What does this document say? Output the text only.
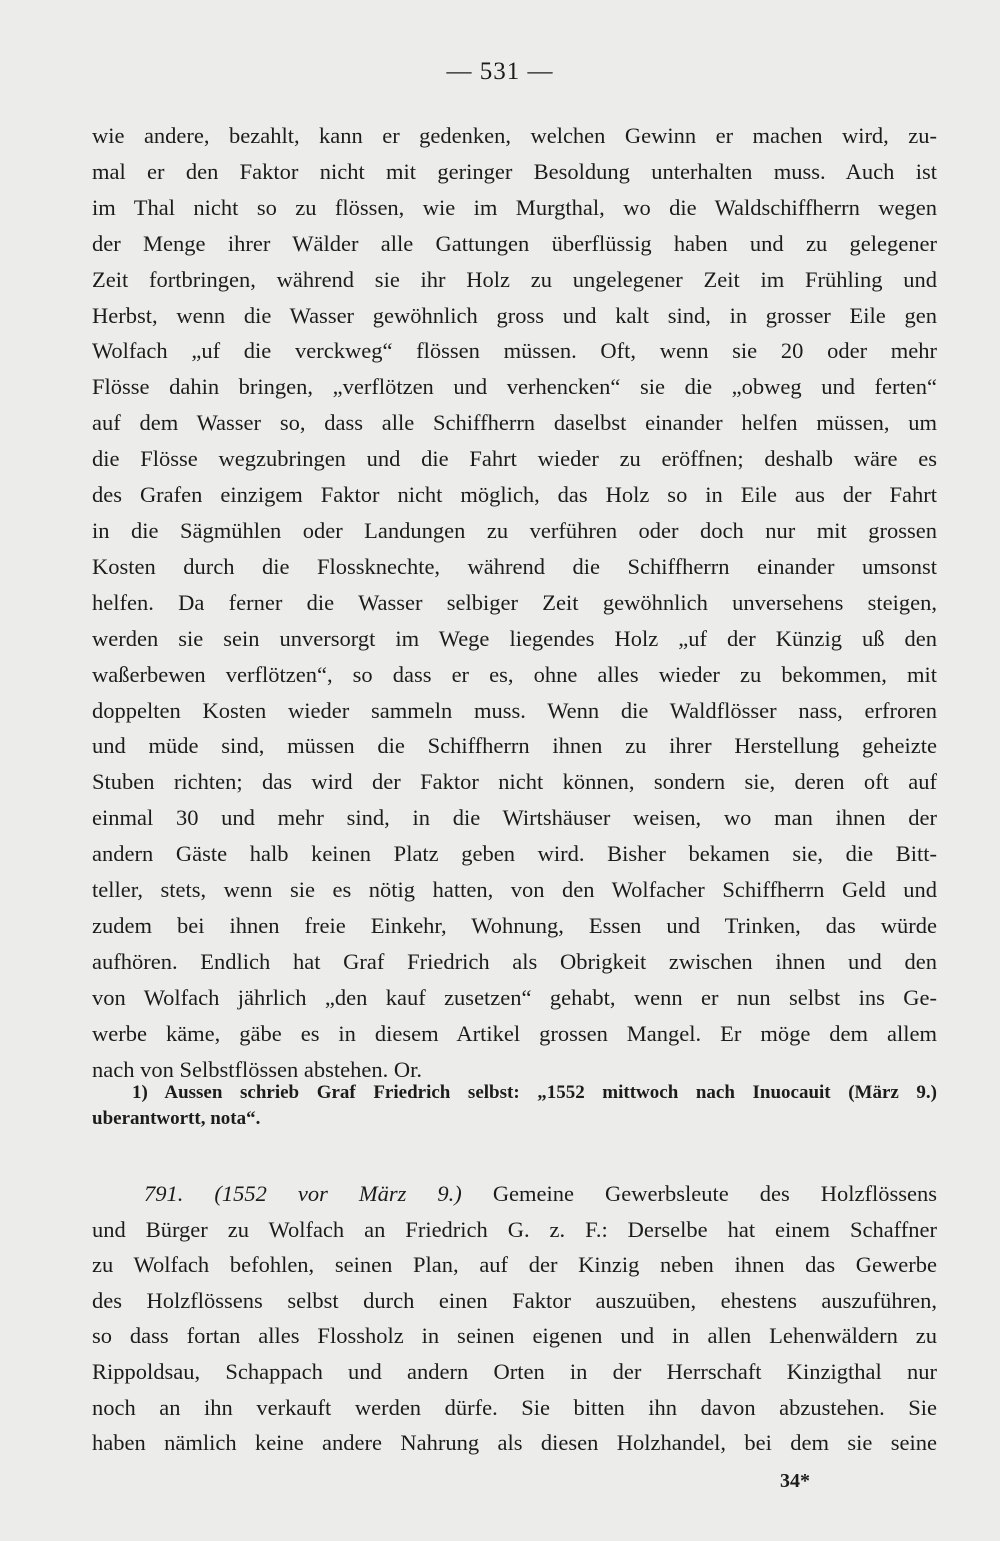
— 531 —
wie andere, bezahlt, kann er gedenken, welchen Gewinn er machen wird, zu-
mal er den Faktor nicht mit geringer Besoldung unterhalten muss. Auch ist
im Thal nicht so zu flössen, wie im Murgthal, wo die Waldschiffherrn wegen
der Menge ihrer Wälder alle Gattungen überflüssig haben und zu gelegener
Zeit fortbringen, während sie ihr Holz zu ungelegener Zeit im Frühling und
Herbst, wenn die Wasser gewöhnlich gross und kalt sind, in grosser Eile gen
Wolfach „uf die verckweg“ flössen müssen. Oft, wenn sie 20 oder mehr
Flösse dahin bringen, „verflötzen und verhencken“ sie die „obweg und ferten“
auf dem Wasser so, dass alle Schiffherrn daselbst einander helfen müssen, um
die Flösse wegzubringen und die Fahrt wieder zu eröffnen; deshalb wäre es
des Grafen einzigem Faktor nicht möglich, das Holz so in Eile aus der Fahrt
in die Sägmühlen oder Landungen zu verführen oder doch nur mit grossen
Kosten durch die Flossknechte, während die Schiffherrn einander umsonst
helfen. Da ferner die Wasser selbiger Zeit gewöhnlich unversehens steigen,
werden sie sein unversorgt im Wege liegendes Holz „uf der Künzig uß den
waßerbewen verflötzen“, so dass er es, ohne alles wieder zu bekommen, mit
doppelten Kosten wieder sammeln muss. Wenn die Waldflösser nass, erfroren
und müde sind, müssen die Schiffherrn ihnen zu ihrer Herstellung geheizte
Stuben richten; das wird der Faktor nicht können, sondern sie, deren oft auf
einmal 30 und mehr sind, in die Wirtshäuser weisen, wo man ihnen der
andern Gäste halb keinen Platz geben wird. Bisher bekamen sie, die Bitt-
teller, stets, wenn sie es nötig hatten, von den Wolfacher Schiffherrn Geld und
zudem bei ihnen freie Einkehr, Wohnung, Essen und Trinken, das würde
aufhören. Endlich hat Graf Friedrich als Obrigkeit zwischen ihnen und den
von Wolfach jährlich „den kauf zusetzen“ gehabt, wenn er nun selbst ins Ge-
werbe käme, gäbe es in diesem Artikel grossen Mangel. Er möge dem allem
nach von Selbstflössen abstehen. Or.
1) Aussen schrieb Graf Friedrich selbst: „1552 mittwoch nach Inuocauit (März 9.)
uberantwortt, nota“.
791. (1552 vor März 9.) Gemeine Gewerbsleute des Holzflössens
und Bürger zu Wolfach an Friedrich G. z. F.: Derselbe hat einem Schaffner
zu Wolfach befohlen, seinen Plan, auf der Kinzig neben ihnen das Gewerbe
des Holzflössens selbst durch einen Faktor auszuüben, ehestens auszuführen,
so dass fortan alles Flossholz in seinen eigenen und in allen Lehenwäldern zu
Rippoldsau, Schappach und andern Orten in der Herrschaft Kinzigthal nur
noch an ihn verkauft werden dürfe. Sie bitten ihn davon abzustehen. Sie
haben nämlich keine andere Nahrung als diesen Holzhandel, bei dem sie seine
34*
